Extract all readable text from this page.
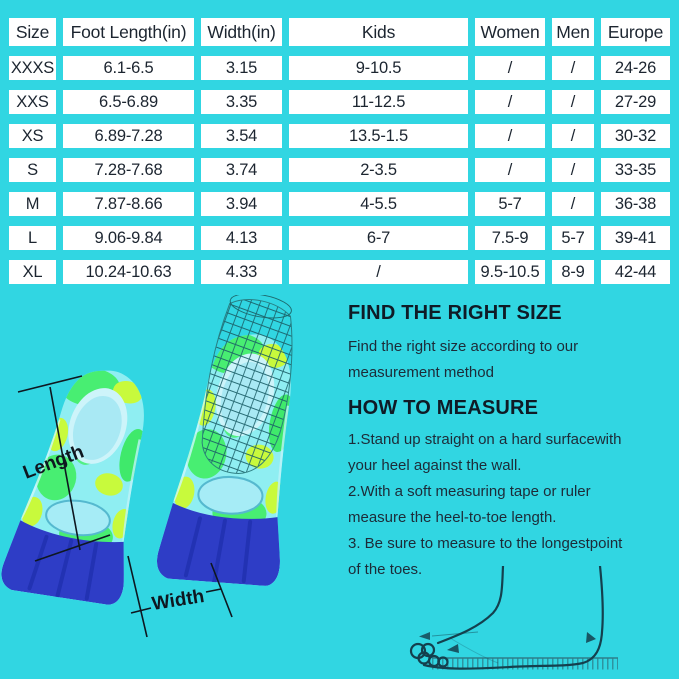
Size	Foot Length(in)	Width(in)	Kids	Women	Men	Europe
XXXS	6.1-6.5	3.15	9-10.5	/	/	24-26
XXS	6.5-6.89	3.35	11-12.5	/	/	27-29
XS	6.89-7.28	3.54	13.5-1.5	/	/	30-32
S	7.28-7.68	3.74	2-3.5	/	/	33-35
M	7.87-8.66	3.94	4-5.5	5-7	/	36-38
L	9.06-9.84	4.13	6-7	7.5-9	5-7	39-41
XL	10.24-10.63	4.33	/	9.5-10.5	8-9	42-44
Length
Width
FIND THE RIGHT SIZE
Find the right size according to our
measurement method
HOW TO MEASURE
1.Stand up straight on a hard surfacewith
your heel against the wall.
2.With a soft measuring tape or ruler
measure the heel-to-toe length.
3. Be sure to measure to the longestpoint
of the toes.
